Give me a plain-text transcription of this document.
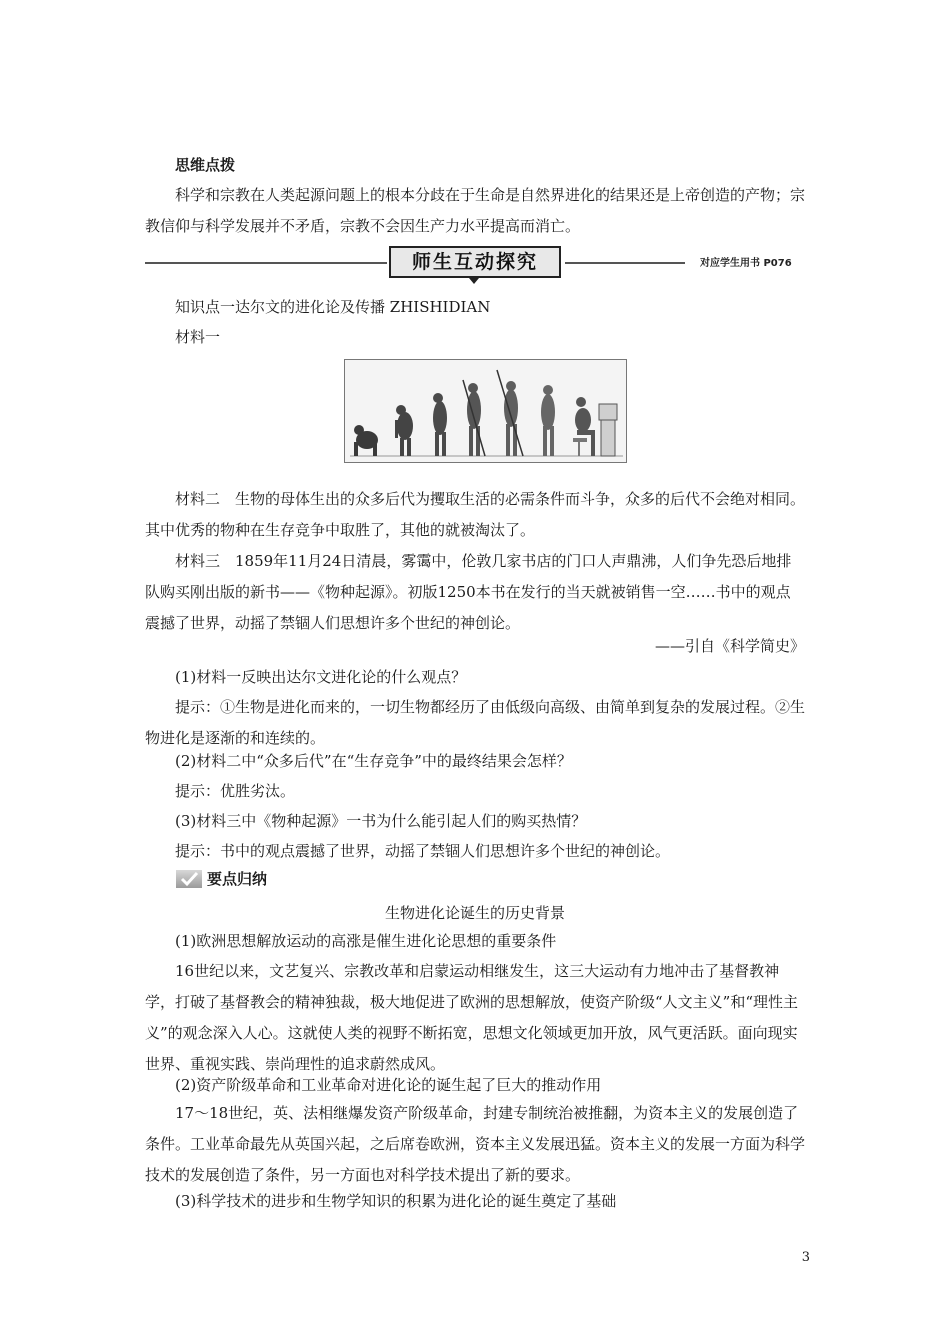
思维点拨
科学和宗教在人类起源问题上的根本分歧在于生命是自然界进化的结果还是上帝创造的产物；宗教信仰与科学发展并不矛盾，宗教不会因生产力水平提高而消亡。
师生互动探究	对应学生用书 P076
知识点一达尔文的进化论及传播 ZHISHIDIAN
材料一
材料二　生物的母体生出的众多后代为攫取生活的必需条件而斗争，众多的后代不会绝对相同。其中优秀的物种在生存竞争中取胜了，其他的就被淘汰了。
材料三　1859年11月24日清晨，雾霭中，伦敦几家书店的门口人声鼎沸，人们争先恐后地排队购买刚出版的新书——《物种起源》。初版1250本书在发行的当天就被销售一空……书中的观点震撼了世界，动摇了禁锢人们思想许多个世纪的神创论。
——引自《科学简史》
(1)材料一反映出达尔文进化论的什么观点？
提示：①生物是进化而来的，一切生物都经历了由低级向高级、由简单到复杂的发展过程。②生物进化是逐渐的和连续的。
(2)材料二中“众多后代”在“生存竞争”中的最终结果会怎样？
提示：优胜劣汰。
(3)材料三中《物种起源》一书为什么能引起人们的购买热情？
提示：书中的观点震撼了世界，动摇了禁锢人们思想许多个世纪的神创论。
要点归纳
生物进化论诞生的历史背景
(1)欧洲思想解放运动的高涨是催生进化论思想的重要条件
16世纪以来，文艺复兴、宗教改革和启蒙运动相继发生，这三大运动有力地冲击了基督教神学，打破了基督教会的精神独裁，极大地促进了欧洲的思想解放，使资产阶级“人文主义”和“理性主义”的观念深入人心。这就使人类的视野不断拓宽，思想文化领域更加开放，风气更活跃。面向现实世界、重视实践、崇尚理性的追求蔚然成风。
(2)资产阶级革命和工业革命对进化论的诞生起了巨大的推动作用
17～18世纪，英、法相继爆发资产阶级革命，封建专制统治被推翻，为资本主义的发展创造了条件。工业革命最先从英国兴起，之后席卷欧洲，资本主义发展迅猛。资本主义的发展一方面为科学技术的发展创造了条件，另一方面也对科学技术提出了新的要求。
(3)科学技术的进步和生物学知识的积累为进化论的诞生奠定了基础
3
